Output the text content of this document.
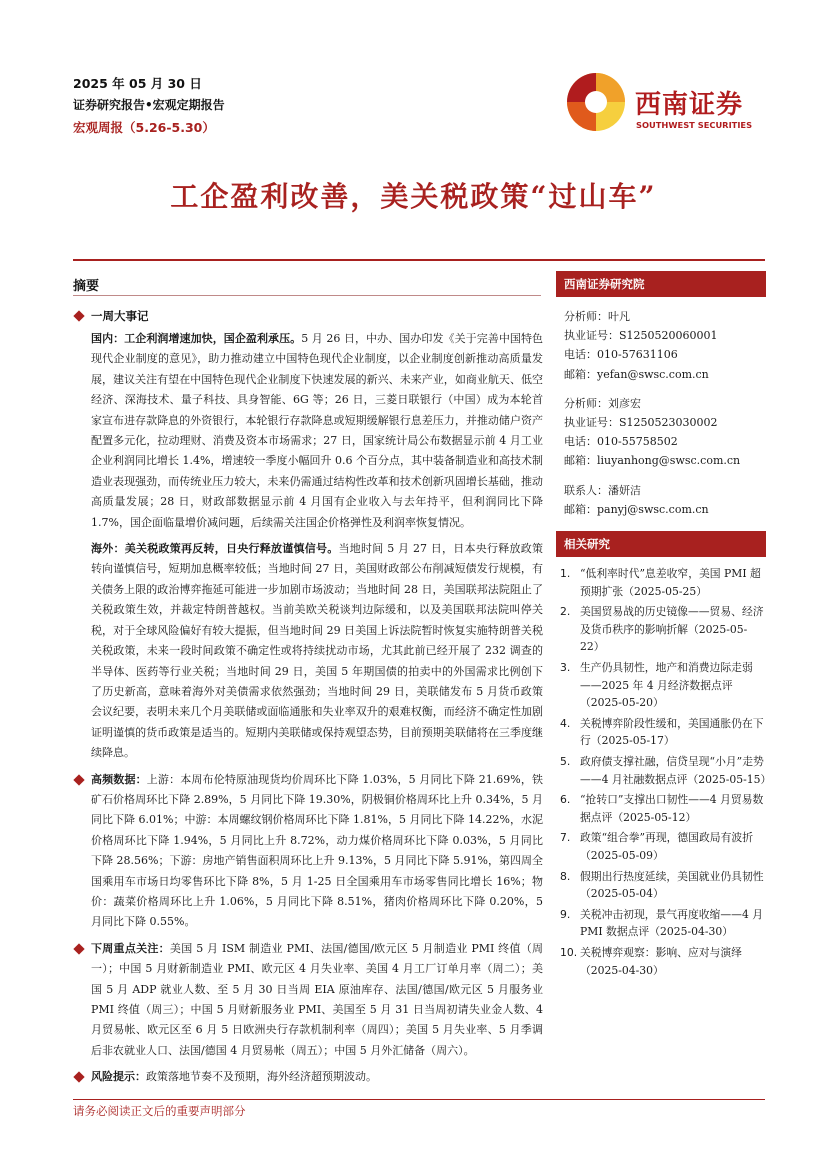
2025 年 05 月 30 日
证券研究报告•宏观定期报告
宏观周报（5.26-5.30）
西南证券
SOUTHWEST SECURITIES
工企盈利改善，美关税政策“过山车”
摘要
一周大事记
国内：工企利润增速加快，国企盈利承压。5 月 26 日，中办、国办印发《关于完善中国特色现代企业制度的意见》，助力推动建立中国特色现代企业制度，以企业制度创新推动高质量发展，建议关注有望在中国特色现代企业制度下快速发展的新兴、未来产业，如商业航天、低空经济、深海技术、量子科技、具身智能、6G 等；26 日，三菱日联银行（中国）成为本轮首家宣布进存款降息的外资银行，本轮银行存款降息或短期缓解银行息差压力，并推动储户资产配置多元化，拉动理财、消费及资本市场需求；27 日，国家统计局公布数据显示前 4 月工业企业利润同比增长 1.4%，增速较一季度小幅回升 0.6 个百分点，其中装备制造业和高技术制造业表现强劲，而传统业压力较大，未来仍需通过结构性改革和技术创新巩固增长基础，推动高质量发展；28 日，财政部数据显示前 4 月国有企业收入与去年持平，但利润同比下降 1.7%，国企面临量增价减问题，后续需关注国企价格弹性及利润率恢复情况。
海外：美关税政策再反转，日央行释放谨慎信号。当地时间 5 月 27 日，日本央行释放政策转向谨慎信号，短期加息概率较低；当地时间 27 日，美国财政部公布削减短债发行规模，有关债务上限的政治博弈拖延可能进一步加剧市场波动；当地时间 28 日，美国联邦法院阻止了关税政策生效，并裁定特朗普越权。当前美欧关税谈判边际缓和，以及美国联邦法院叫停关税，对于全球风险偏好有较大提振，但当地时间 29 日美国上诉法院暂时恢复实施特朗普关税关税政策，未来一段时间政策不确定性或将持续扰动市场，尤其此前已经开展了 232 调查的半导体、医药等行业关税；当地时间 29 日，美国 5 年期国债的拍卖中的外国需求比例创下了历史新高，意味着海外对美债需求依然强劲；当地时间 29 日，美联储发布 5 月货币政策会议纪要，表明未来几个月美联储或面临通胀和失业率双升的艰难权衡，而经济不确定性加剧证明谨慎的货币政策是适当的。短期内美联储或保持观望态势，目前预期美联储将在三季度继续降息。
高频数据：上游：本周布伦特原油现货均价周环比下降 1.03%，5 月同比下降 21.69%，铁矿石价格周环比下降 2.89%，5 月同比下降 19.30%，阴极铜价格周环比上升 0.34%，5 月同比下降 6.01%；中游：本周螺纹钢价格周环比下降 1.81%，5 月同比下降 14.22%，水泥价格周环比下降 1.94%，5 月同比上升 8.72%，动力煤价格周环比下降 0.03%，5 月同比下降 28.56%；下游：房地产销售面积周环比上升 9.13%，5 月同比下降 5.91%，第四周全国乘用车市场日均零售环比下降 8%，5 月 1-25 日全国乘用车市场零售同比增长 16%；物价：蔬菜价格周环比上升 1.06%，5 月同比下降 8.51%，猪肉价格周环比下降 0.20%，5 月同比下降 0.55%。
下周重点关注：美国 5 月 ISM 制造业 PMI、法国/德国/欧元区 5 月制造业 PMI 终值（周一）；中国 5 月财新制造业 PMI、欧元区 4 月失业率、美国 4 月工厂订单月率（周二）；美国 5 月 ADP 就业人数、至 5 月 30 日当周 EIA 原油库存、法国/德国/欧元区 5 月服务业 PMI 终值（周三）；中国 5 月财新服务业 PMI、美国至 5 月 31 日当周初请失业金人数、4 月贸易帐、欧元区至 6 月 5 日欧洲央行存款机制利率（周四）；美国 5 月失业率、5 月季调后非农就业人口、法国/德国 4 月贸易帐（周五）；中国 5 月外汇储备（周六）。
风险提示：政策落地节奏不及预期，海外经济超预期波动。
西南证券研究院
分析师：叶凡
执业证号：S1250520060001
电话：010-57631106
邮箱：yefan@swsc.com.cn
分析师：刘彦宏
执业证号：S1250523030002
电话：010-55758502
邮箱：liuyanhong@swsc.com.cn
联系人：潘妍洁
邮箱：panyj@swsc.com.cn
相关研究
1. “低利率时代”息差收窄，美国 PMI 超预期扩张（2025-05-25）
2. 美国贸易战的历史镜像——贸易、经济及货币秩序的影响折解（2025-05-22）
3. 生产仍具韧性，地产和消费边际走弱——2025 年 4 月经济数据点评（2025-05-20）
4. 关税博弈阶段性缓和，美国通胀仍在下行（2025-05-17）
5. 政府债支撑社融，信贷呈现“小月”走势——4 月社融数据点评（2025-05-15）
6. “抢转口”支撑出口韧性——4 月贸易数据点评（2025-05-12）
7. 政策“组合拳”再现，德国政局有波折（2025-05-09）
8. 假期出行热度延续，美国就业仍具韧性（2025-05-04）
9. 关税冲击初现，景气再度收缩——4 月 PMI 数据点评（2025-04-30）
10. 关税博弈观察：影响、应对与演绎（2025-04-30）
请务必阅读正文后的重要声明部分
